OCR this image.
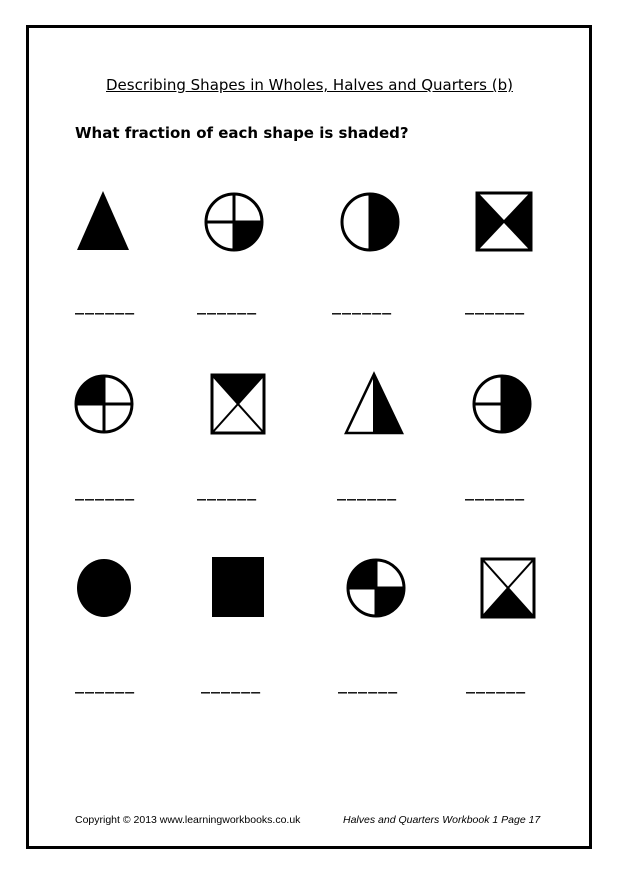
Describing Shapes in Wholes, Halves and Quarters (b)
What fraction of each shape is shaded?
______	______	______	______
______	______	______	______
______	______	______	______
Copyright © 2013 www.learningworkbooks.co.uk	Halves and Quarters Workbook 1 Page 17
